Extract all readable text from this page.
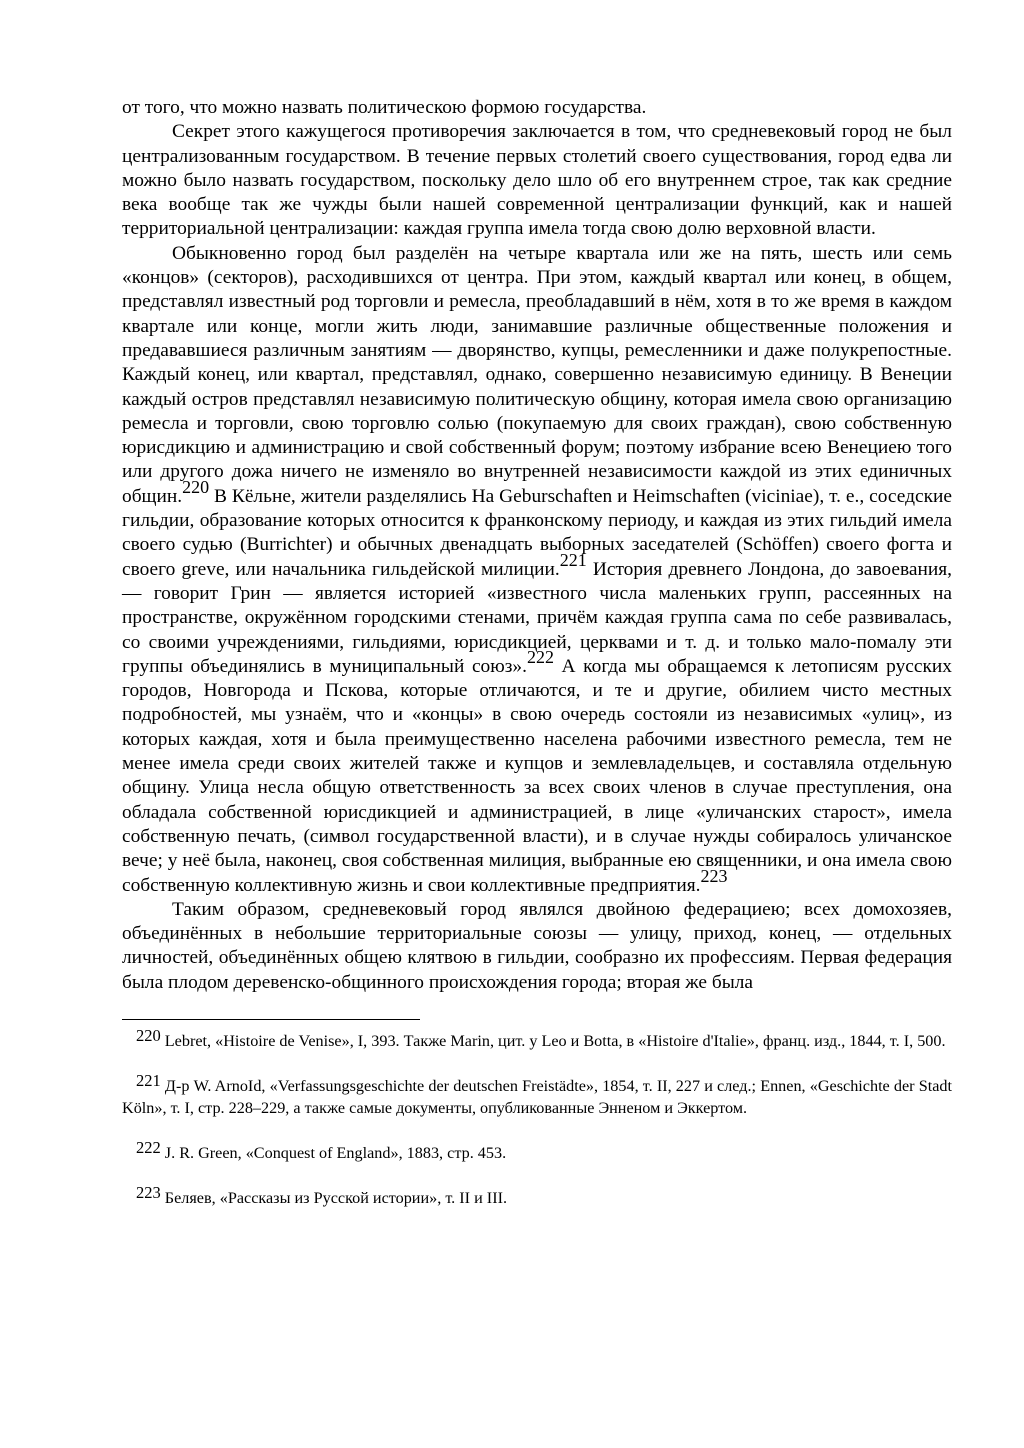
от того, что можно назвать политическою формою государства.

Секрет этого кажущегося противоречия заключается в том, что средневековый город не был централизованным государством. В течение первых столетий своего существования, город едва ли можно было назвать государством, поскольку дело шло об его внутреннем строе, так как средние века вообще так же чужды были нашей современной централизации функций, как и нашей территориальной централизации: каждая группа имела тогда свою долю верховной власти.

Обыкновенно город был разделён на четыре квартала или же на пять, шесть или семь «концов» (секторов), расходившихся от центра. При этом, каждый квартал или конец, в общем, представлял известный род торговли и ремесла, преобладавший в нём, хотя в то же время в каждом квартале или конце, могли жить люди, занимавшие различные общественные положения и предававшиеся различным занятиям — дворянство, купцы, ремесленники и даже полукрепостные. Каждый конец, или квартал, представлял, однако, совершенно независимую единицу. В Венеции каждый остров представлял независимую политическую общину, которая имела свою организацию ремесла и торговли, свою торговлю солью (покупаемую для своих граждан), свою собственную юрисдикцию и администрацию и свой собственный форум; поэтому избрание всею Венециею того или другого дожа ничего не изменяло во внутренней независимости каждой из этих единичных общин.$^{220}$ В Кёльне, жители разделялись На Geburschaften и Heimschaften (viciniae), т. е., соседские гильдии, образование которых относится к франконскому периоду, и каждая из этих гильдий имела своего судью (Burrichter) и обычных двенадцать выборных заседателей (Schöffen) своего фогта и своего greve, или начальника гильдейской милиции.$^{221}$ История древнего Лондона, до завоевания, — говорит Грин — является историей «известного числа маленьких групп, рассеянных на пространстве, окружённом городскими стенами, причём каждая группа сама по себе развивалась, со своими учреждениями, гильдиями, юрисдикцией, церквами и т. д. и только мало-помалу эти группы объединялись в муниципальный союз».$^{222}$ А когда мы обращаемся к летописям русских городов, Новгорода и Пскова, которые отличаются, и те и другие, обилием чисто местных подробностей, мы узнаём, что и «концы» в свою очередь состояли из независимых «улиц», из которых каждая, хотя и была преимущественно населена рабочими известного ремесла, тем не менее имела среди своих жителей также и купцов и землевладельцев, и составляла отдельную общину. Улица несла общую ответственность за всех своих членов в случае преступления, она обладала собственной юрисдикцией и администрацией, в лице «уличанских старост», имела собственную печать, (символ государственной власти), и в случае нужды собиралось уличанское вече; у неё была, наконец, своя собственная милиция, выбранные ею священники, и она имела свою собственную коллективную жизнь и свои коллективные предприятия.$^{223}$

Таким образом, средневековый город являлся двойною федерациею; всех домохозяев, объединённых в небольшие территориальные союзы — улицу, приход, конец, — отдельных личностей, объединённых общею клятвою в гильдии, сообразно их профессиям. Первая федерация была плодом деревенско-общинного происхождения города; вторая же была

220 Lebret, «Histoire de Venise», I, 393. Также Marin, цит. у Leo и Botta, в «Histoire d'Italie», франц. изд., 1844, т. I, 500.

221 Д-р W. ArnoId, «Verfassungsgeschichte der deutschen Freistädte», 1854, т. II, 227 и след.; Ennen, «Geschichte der Stadt Köln», т. I, стр. 228–229, а также самые документы, опубликованные Энненом и Эккертом.

222 J. R. Green, «Conquest of England», 1883, стр. 453.

223 Беляев, «Рассказы из Русской истории», т. II и III.
